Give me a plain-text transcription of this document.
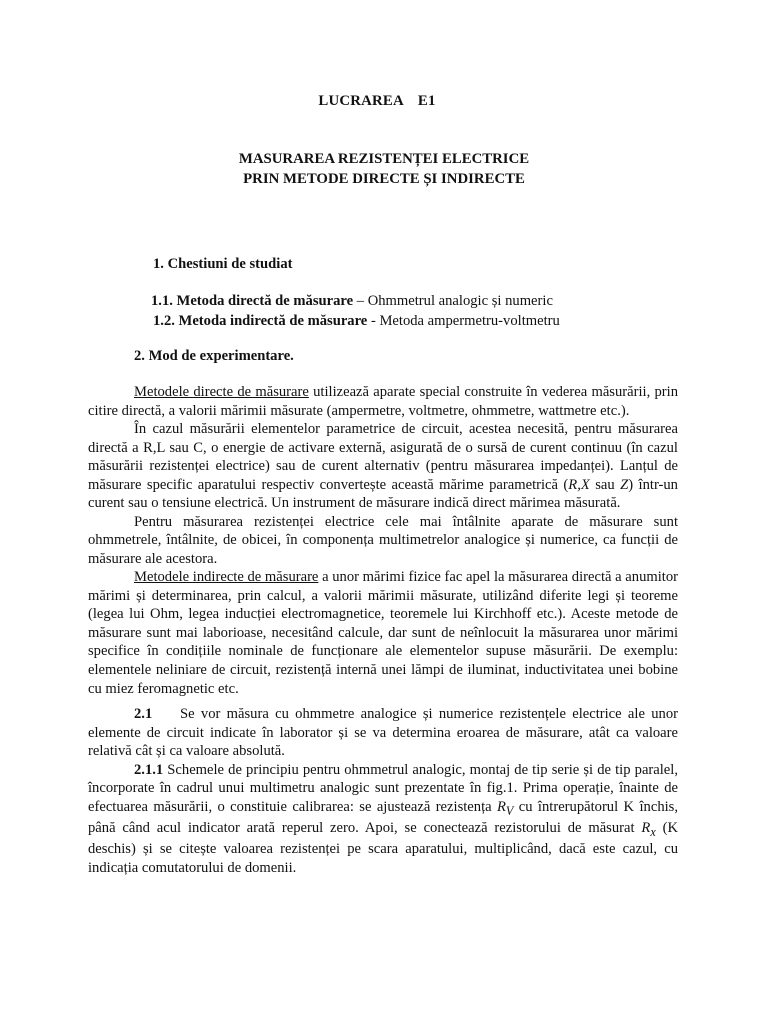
LUCRAREA E1
MASURAREA REZISTENȚEI ELECTRICE
PRIN METODE DIRECTE ȘI INDIRECTE
1. Chestiuni de studiat
1.1. Metoda directă de măsurare – Ohmmetrul analogic și numeric
1.2. Metoda indirectă de măsurare - Metoda ampermetru-voltmetru
2. Mod de experimentare.

Metodele directe de măsurare utilizează aparate special construite în vederea măsurării, prin citire directă, a valorii mărimii măsurate (ampermetre, voltmetre, ohmmetre, wattmetre etc.).

În cazul măsurării elementelor parametrice de circuit, acestea necesită, pentru măsurarea directă a R,L sau C, o energie de activare externă, asigurată de o sursă de curent continuu (în cazul măsurării rezistenței electrice) sau de curent alternativ (pentru măsurarea impedanței). Lanțul de măsurare specific aparatului respectiv convertește această mărime parametrică (R,X sau Z) într-un curent sau o tensiune electrică. Un instrument de măsurare indică direct mărimea măsurată.

Pentru măsurarea rezistenței electrice cele mai întâlnite aparate de măsurare sunt ohmmetrele, întâlnite, de obicei, în componența multimetrelor analogice și numerice, ca funcții de măsurare ale acestora.

Metodele indirecte de măsurare a unor mărimi fizice fac apel la măsurarea directă a anumitor mărimi și determinarea, prin calcul, a valorii mărimii măsurate, utilizând diferite legi și teoreme (legea lui Ohm, legea inducției electromagnetice, teoremele lui Kirchhoff etc.). Aceste metode de măsurare sunt mai laborioase, necesitând calcule, dar sunt de neînlocuit la măsurarea unor mărimi specifice în condițiile nominale de funcționare ale elementelor supuse măsurării. De exemplu: elementele neliniare de circuit, rezistență internă unei lămpi de iluminat, inductivitatea unei bobine cu miez feromagnetic etc.

2.1 Se vor măsura cu ohmmetre analogice și numerice rezistențele electrice ale unor elemente de circuit indicate în laborator și se va determina eroarea de măsurare, atât ca valoare relativă cât și ca valoare absolută.

2.1.1 Schemele de principiu pentru ohmmetrul analogic, montaj de tip serie și de tip paralel, încorporate în cadrul unui multimetru analogic sunt prezentate în fig.1. Prima operație, înainte de efectuarea măsurării, o constituie calibrarea: se ajustează rezistența $R_V$ cu întrerupătorul K închis, până când acul indicator arată reperul zero. Apoi, se conectează rezistorului de măsurat $R_x$ (K deschis) și se citește valoarea rezistenței pe scara aparatului, multiplicând, dacă este cazul, cu indicația comutatorului de domenii.
